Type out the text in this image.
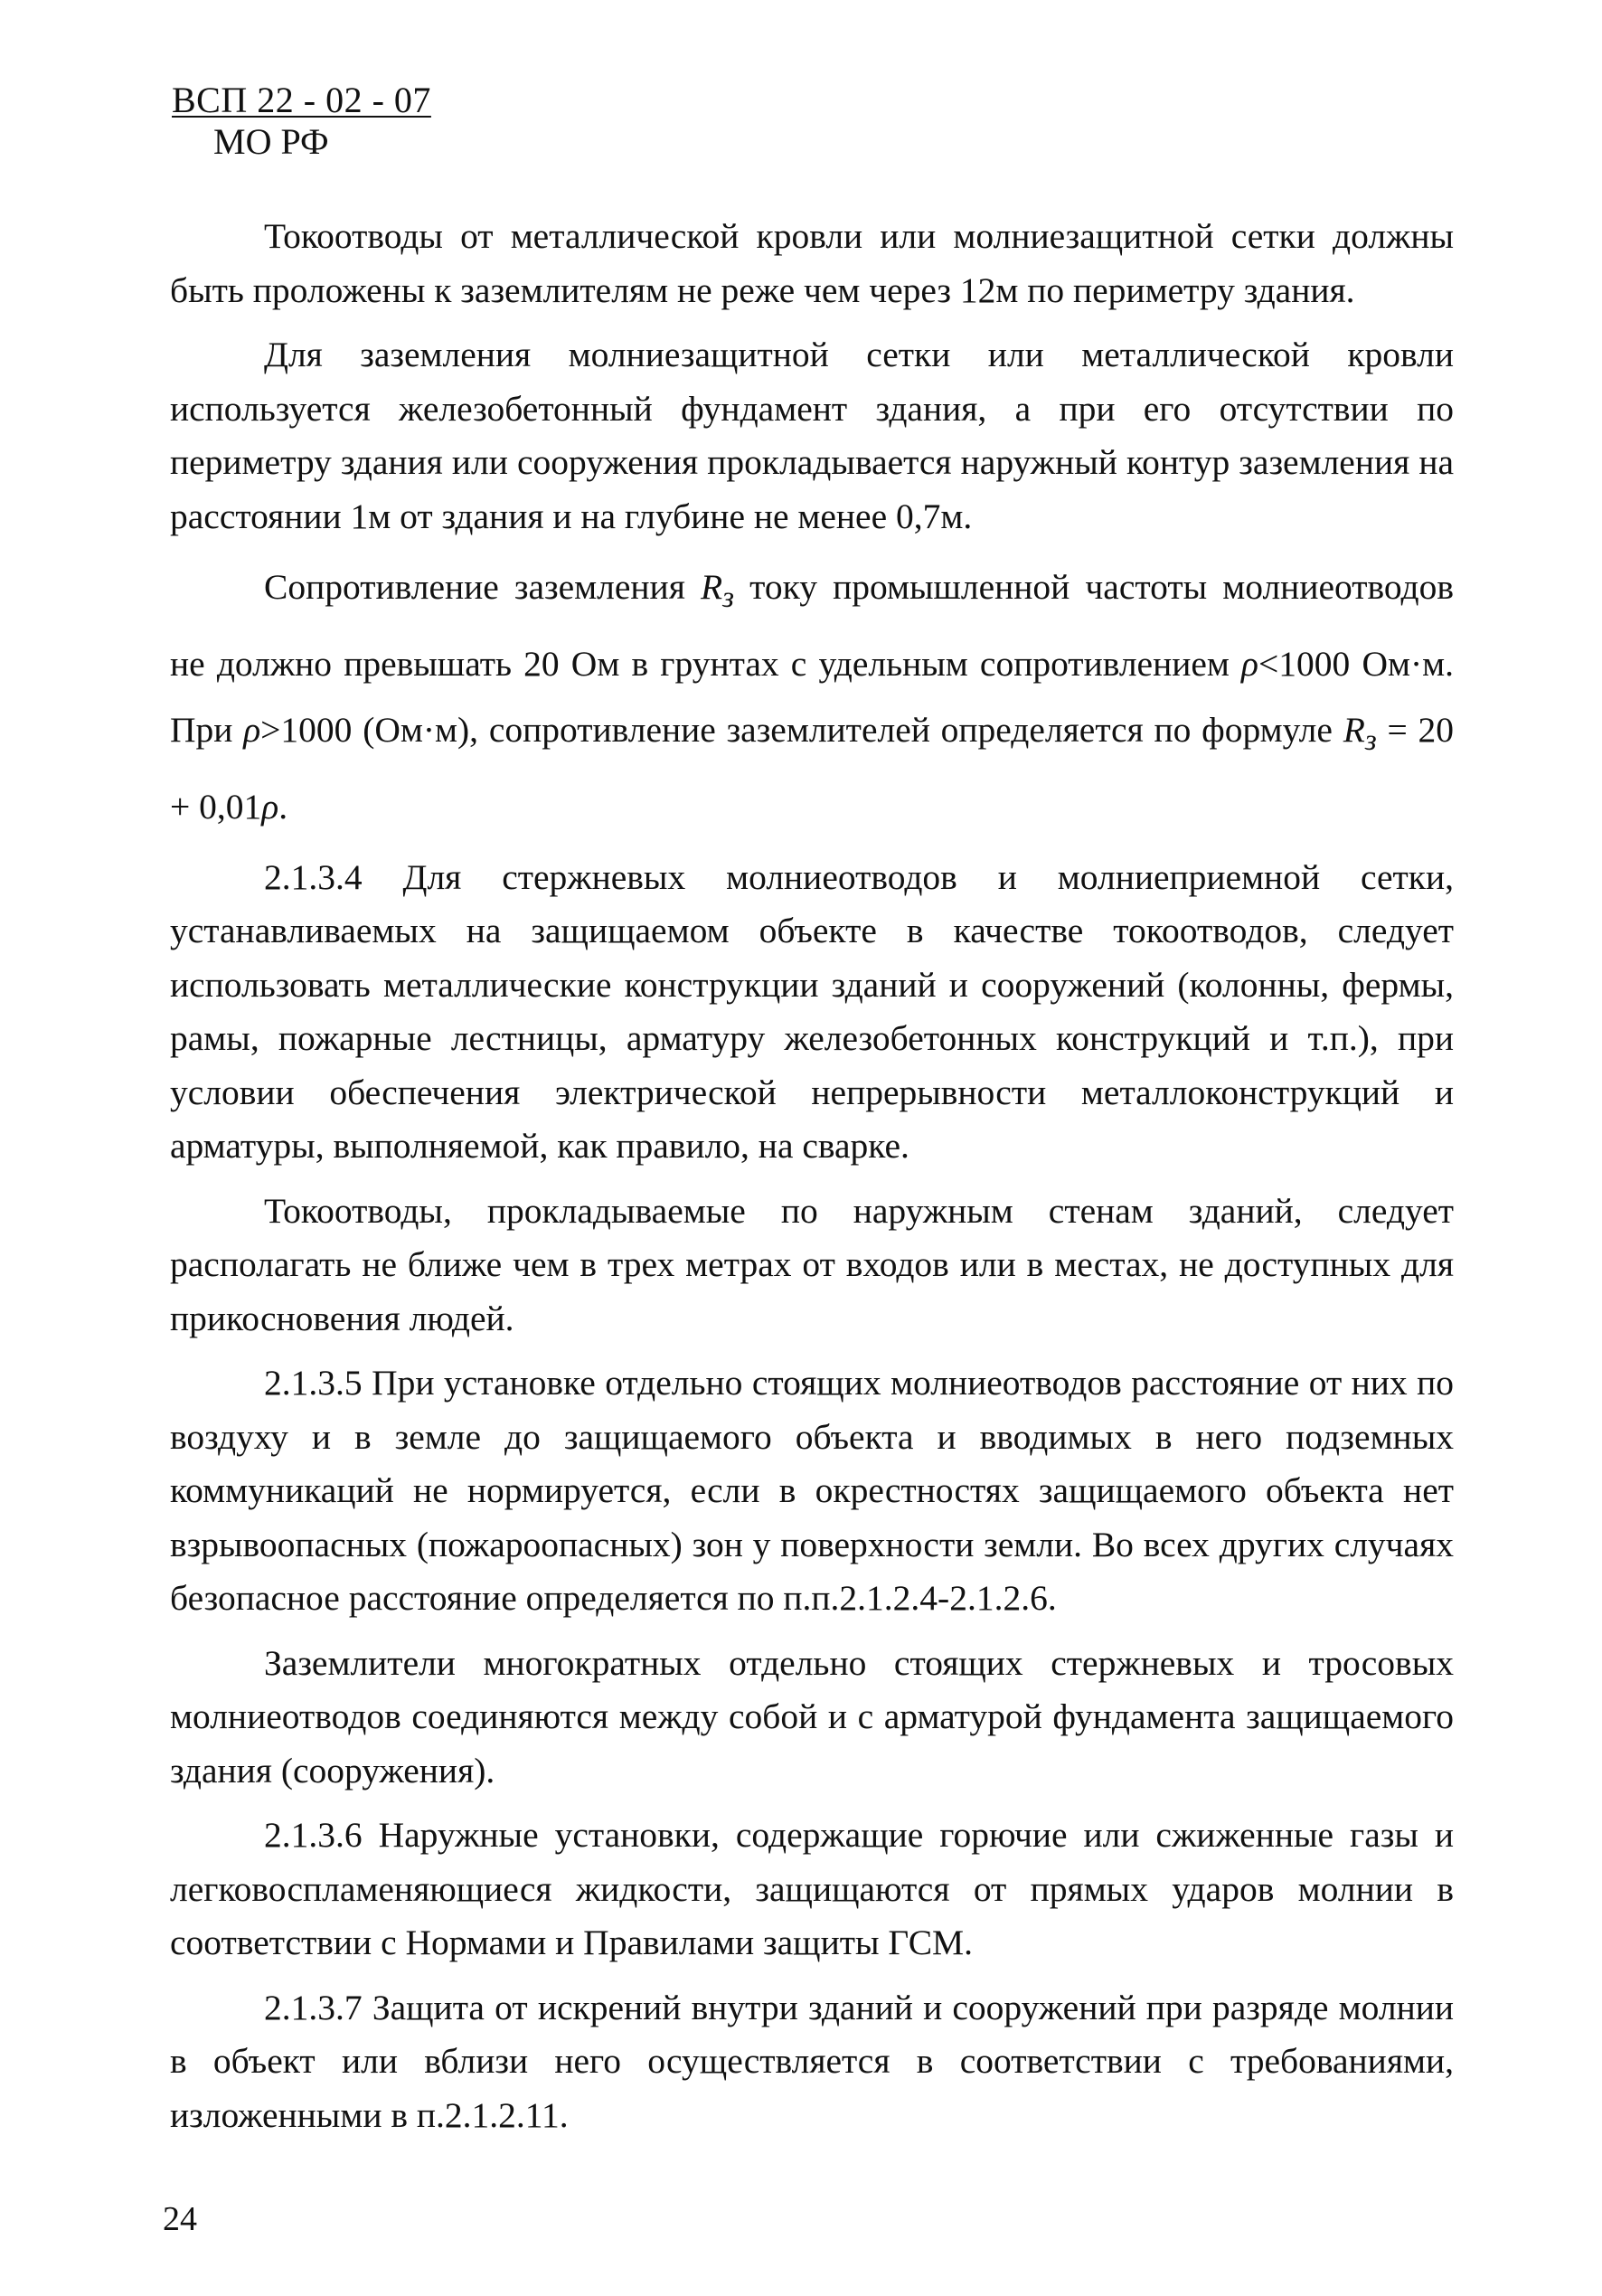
ВСП 22 - 02 - 07
МО РФ

Токоотводы от металлической кровли или молниезащитной сетки должны быть проложены к заземлителям не реже чем через 12м по периметру здания.

Для заземления молниезащитной сетки или металлической кровли используется железобетонный фундамент здания, а при его отсутствии по периметру здания или сооружения прокладывается наружный контур заземления на расстоянии 1м от здания и на глубине не менее 0,7м.

Сопротивление заземления $R_з$ току промышленной частоты молниеотводов не должно превышать 20 Ом в грунтах с удельным сопротивлением ρ<1000 Ом·м. При ρ>1000 (Ом·м), сопротивление заземлителей определяется по формуле $R_з = 20 + 0,01\rho$.

2.1.3.4 Для стержневых молниеотводов и молниеприемной сетки, устанавливаемых на защищаемом объекте в качестве токоотводов, следует использовать металлические конструкции зданий и сооружений (колонны, фермы, рамы, пожарные лестницы, арматуру железобетонных конструкций и т.п.), при условии обеспечения электрической непрерывности металлоконструкций и арматуры, выполняемой, как правило, на сварке.

Токоотводы, прокладываемые по наружным стенам зданий, следует располагать не ближе чем в трех метрах от входов или в местах, не доступных для прикосновения людей.

2.1.3.5 При установке отдельно стоящих молниеотводов расстояние от них по воздуху и в земле до защищаемого объекта и вводимых в него подземных коммуникаций не нормируется, если в окрестностях защищаемого объекта нет взрывоопасных (пожароопасных) зон у поверхности земли. Во всех других случаях безопасное расстояние определяется по п.п.2.1.2.4-2.1.2.6.

Заземлители многократных отдельно стоящих стержневых и тросовых молниеотводов соединяются между собой и с арматурой фундамента защищаемого здания (сооружения).

2.1.3.6 Наружные установки, содержащие горючие или сжиженные газы и легковоспламеняющиеся жидкости, защищаются от прямых ударов молнии в соответствии с Нормами и Правилами защиты ГСМ.

2.1.3.7 Защита от искрений внутри зданий и сооружений при разряде молнии в объект или вблизи него осуществляется в соответствии с требованиями, изложенными в п.2.1.2.11.

24
